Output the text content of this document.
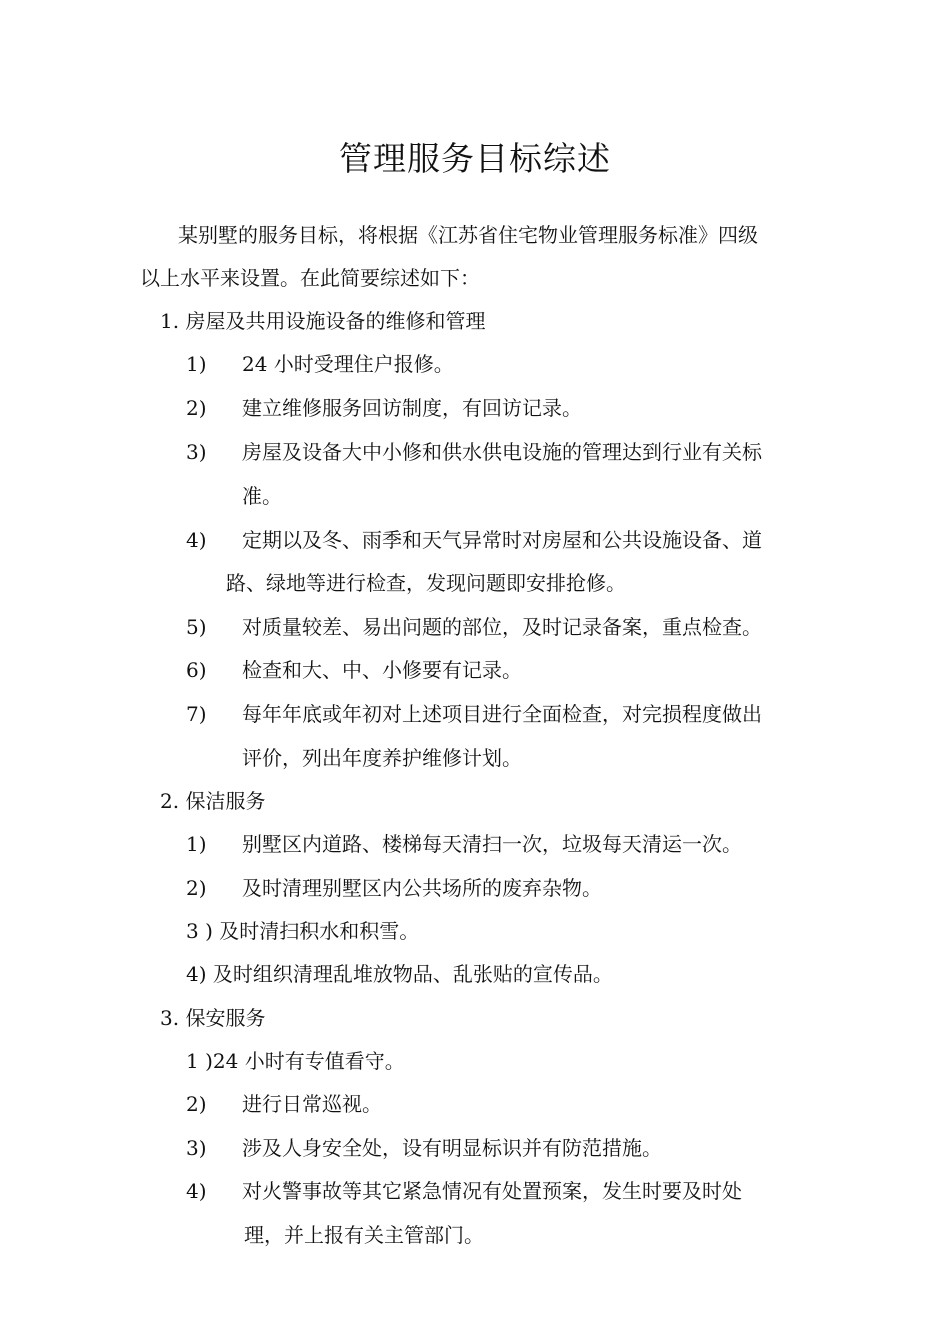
管理服务目标综述
某别墅的服务目标，将根据《江苏省住宅物业管理服务标准》四级
以上水平来设置。在此简要综述如下：
1. 房屋及共用设施设备的维修和管理
1) 24 小时受理住户报修。
2) 建立维修服务回访制度，有回访记录。
3) 房屋及设备大中小修和供水供电设施的管理达到行业有关标
准。
4) 定期以及冬、雨季和天气异常时对房屋和公共设施设备、道
路、绿地等进行检查，发现问题即安排抢修。
5) 对质量较差、易出问题的部位，及时记录备案，重点检查。
6) 检查和大、中、小修要有记录。
7) 每年年底或年初对上述项目进行全面检查，对完损程度做出
评价，列出年度养护维修计划。
2. 保洁服务
1) 别墅区内道路、楼梯每天清扫一次，垃圾每天清运一次。
2) 及时清理别墅区内公共场所的废弃杂物。
3 ) 及时清扫积水和积雪。
4) 及时组织清理乱堆放物品、乱张贴的宣传品。
3. 保安服务
1 )24 小时有专值看守。
2) 进行日常巡视。
3) 涉及人身安全处，设有明显标识并有防范措施。
4) 对火警事故等其它紧急情况有处置预案，发生时要及时处
理，并上报有关主管部门。
